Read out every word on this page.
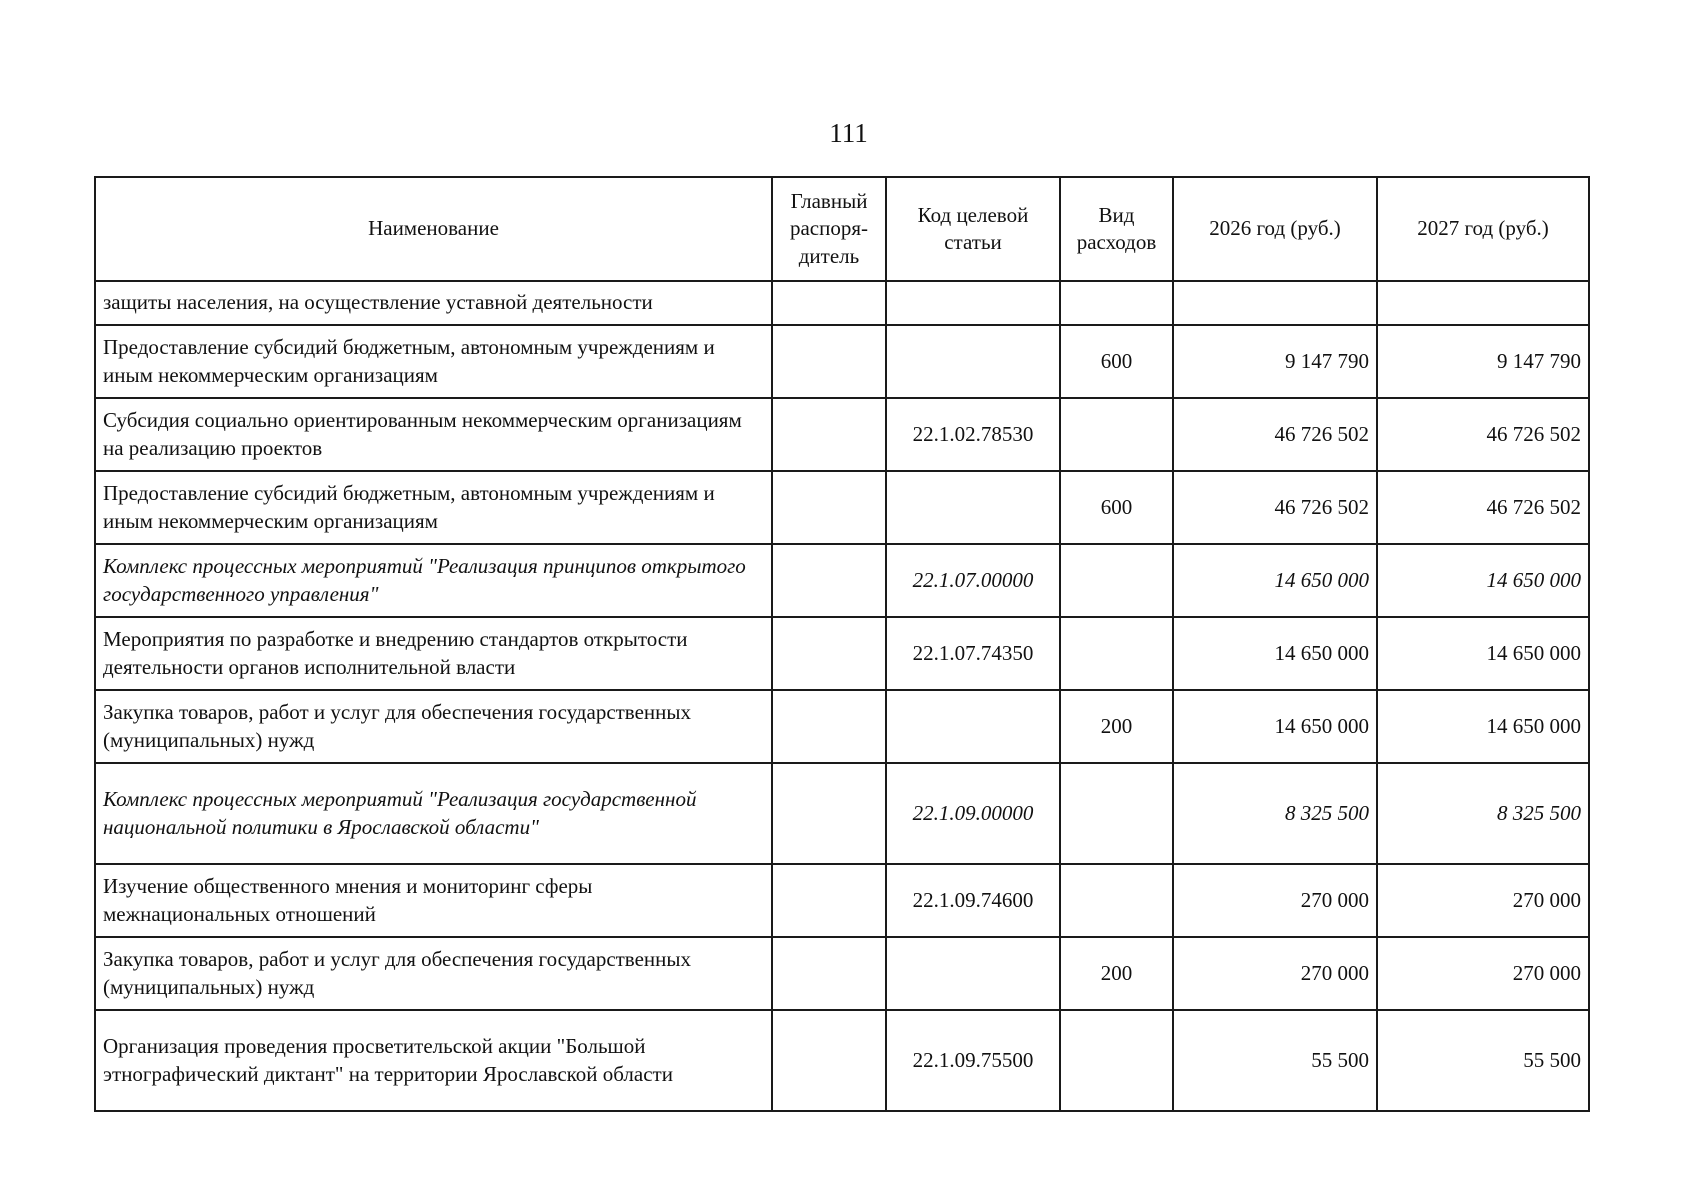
111
Наименование	Главный распоря-дитель	Код целевой статьи	Вид расходов	2026 год (руб.)	2027 год (руб.)
защиты населения, на осуществление уставной деятельности					
Предоставление субсидий бюджетным, автономным учреждениям и иным некоммерческим организациям			600	9 147 790	9 147 790
Субсидия социально ориентированным некоммерческим организациям на реализацию проектов		22.1.02.78530		46 726 502	46 726 502
Предоставление субсидий бюджетным, автономным учреждениям и иным некоммерческим организациям			600	46 726 502	46 726 502
Комплекс процессных мероприятий "Реализация принципов открытого государственного управления"		22.1.07.00000		14 650 000	14 650 000
Мероприятия по разработке и внедрению стандартов открытости деятельности органов исполнительной власти		22.1.07.74350		14 650 000	14 650 000
Закупка товаров, работ и услуг для обеспечения государственных (муниципальных) нужд			200	14 650 000	14 650 000
Комплекс процессных мероприятий "Реализация государственной национальной политики в Ярославской области"		22.1.09.00000		8 325 500	8 325 500
Изучение общественного мнения и мониторинг сферы межнациональных отношений		22.1.09.74600		270 000	270 000
Закупка товаров, работ и услуг для обеспечения государственных (муниципальных) нужд			200	270 000	270 000
Организация проведения просветительской акции "Большой этнографический диктант" на территории Ярославской области		22.1.09.75500		55 500	55 500
